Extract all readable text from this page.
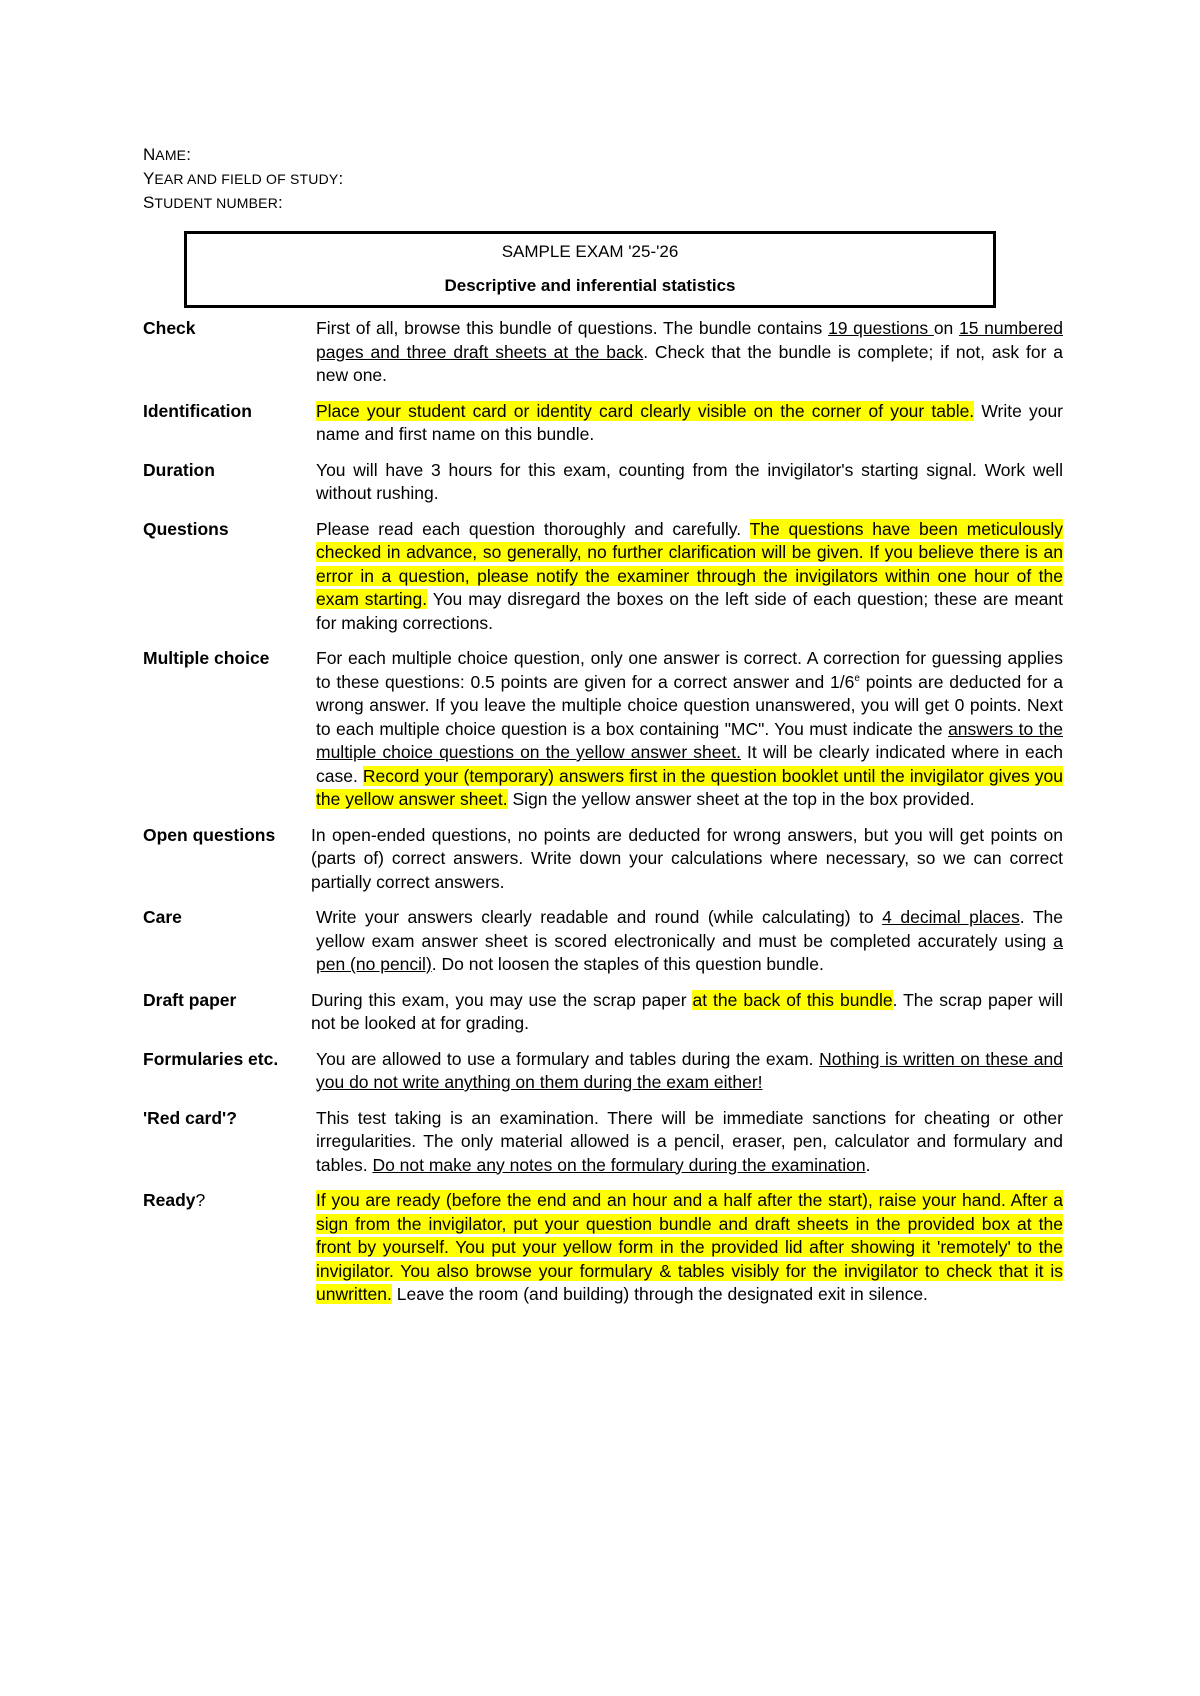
NAME:
YEAR AND FIELD OF STUDY:
STUDENT NUMBER:
SAMPLE EXAM '25-'26
Descriptive and inferential statistics
Check	First of all, browse this bundle of questions. The bundle contains 19 questions on 15 numbered pages and three draft sheets at the back. Check that the bundle is complete; if not, ask for a new one.
Identification	Place your student card or identity card clearly visible on the corner of your table. Write your name and first name on this bundle.
Duration	You will have 3 hours for this exam, counting from the invigilator's starting signal. Work well without rushing.
Questions	Please read each question thoroughly and carefully. The questions have been meticulously checked in advance, so generally, no further clarification will be given. If you believe there is an error in a question, please notify the examiner through the invigilators within one hour of the exam starting. You may disregard the boxes on the left side of each question; these are meant for making corrections.
Multiple choice	For each multiple choice question, only one answer is correct. A correction for guessing applies to these questions: 0.5 points are given for a correct answer and 1/6e points are deducted for a wrong answer. If you leave the multiple choice question unanswered, you will get 0 points. Next to each multiple choice question is a box containing "MC". You must indicate the answers to the multiple choice questions on the yellow answer sheet. It will be clearly indicated where in each case. Record your (temporary) answers first in the question booklet until the invigilator gives you the yellow answer sheet. Sign the yellow answer sheet at the top in the box provided.
Open questions	In open-ended questions, no points are deducted for wrong answers, but you will get points on (parts of) correct answers. Write down your calculations where necessary, so we can correct partially correct answers.
Care	Write your answers clearly readable and round (while calculating) to 4 decimal places. The yellow exam answer sheet is scored electronically and must be completed accurately using a pen (no pencil). Do not loosen the staples of this question bundle.
Draft paper	During this exam, you may use the scrap paper at the back of this bundle. The scrap paper will not be looked at for grading.
Formularies etc.	You are allowed to use a formulary and tables during the exam. Nothing is written on these and you do not write anything on them during the exam either!
'Red card'?	This test taking is an examination. There will be immediate sanctions for cheating or other irregularities. The only material allowed is a pencil, eraser, pen, calculator and formulary and tables. Do not make any notes on the formulary during the examination.
Ready?	If you are ready (before the end and an hour and a half after the start), raise your hand. After a sign from the invigilator, put your question bundle and draft sheets in the provided box at the front by yourself. You put your yellow form in the provided lid after showing it 'remotely' to the invigilator. You also browse your formulary & tables visibly for the invigilator to check that it is unwritten. Leave the room (and building) through the designated exit in silence.
